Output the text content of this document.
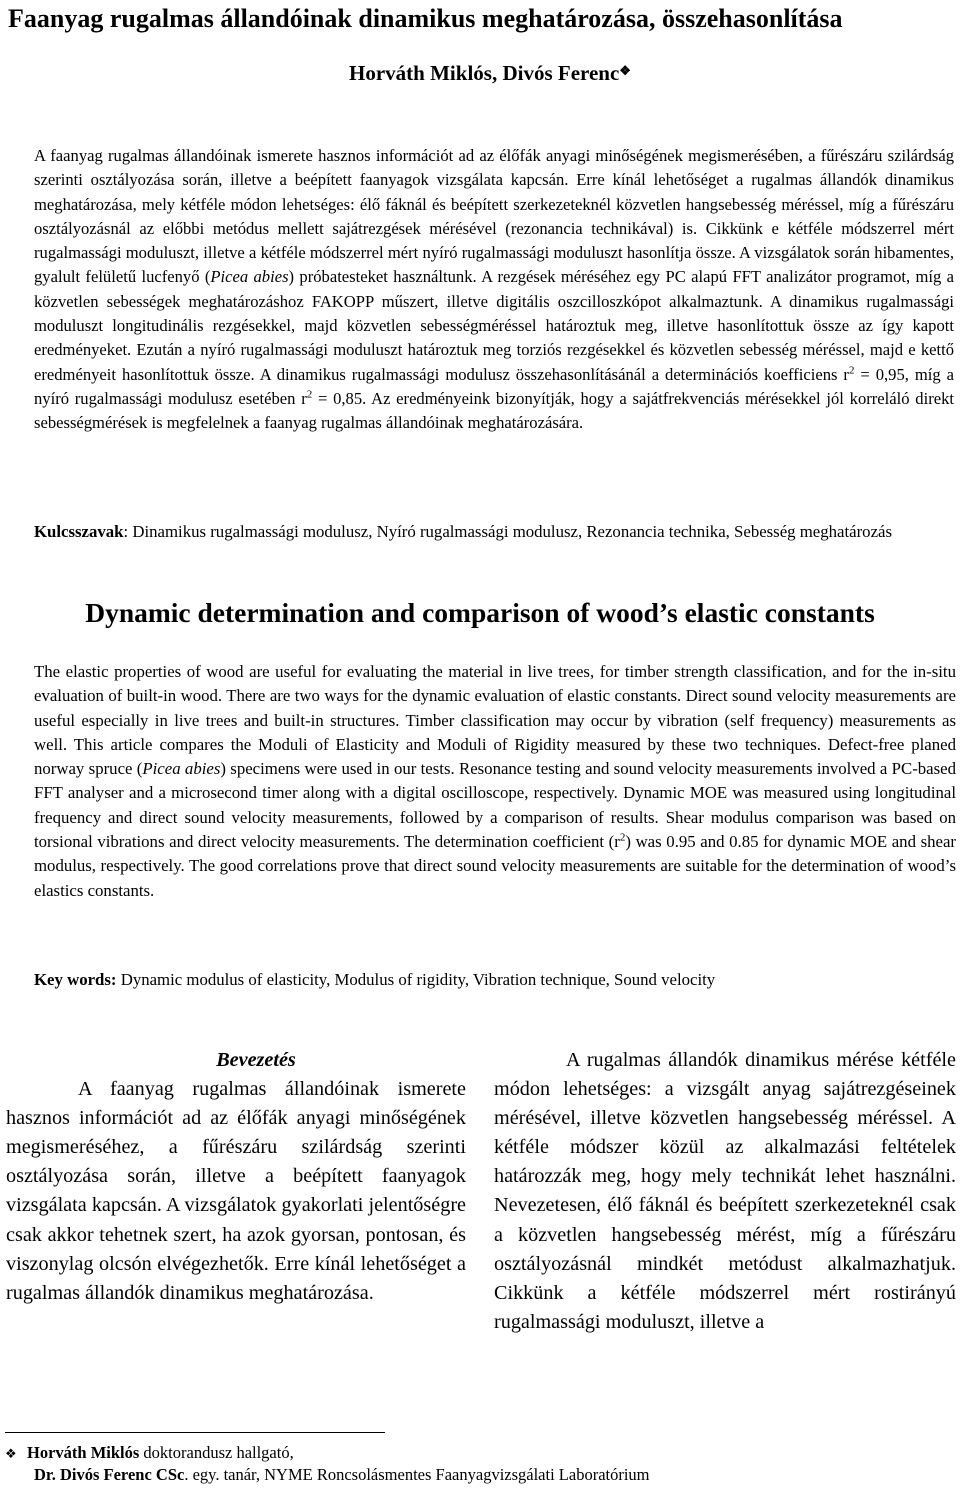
Faanyag rugalmas állandóinak dinamikus meghatározása, összehasonlítása
Horváth Miklós, Divós Ferenc❖
A faanyag rugalmas állandóinak ismerete hasznos információt ad az élőfák anyagi minőségének megismerésében, a fűrészáru szilárdság szerinti osztályozása során, illetve a beépített faanyagok vizsgálata kapcsán. Erre kínál lehetőséget a rugalmas állandók dinamikus meghatározása, mely kétféle módon lehetséges: élő fáknál és beépített szerkezeteknél közvetlen hangsebesség méréssel, míg a fűrészáru osztályozásnál az előbbi metódus mellett sajátrezgések mérésével (rezonancia technikával) is. Cikkünk e kétféle módszerrel mért rugalmassági moduluszt, illetve a kétféle módszerrel mért nyíró rugalmassági moduluszt hasonlítja össze. A vizsgálatok során hibamentes, gyalult felületű lucfenyő (Picea abies) próbatesteket használtunk. A rezgések méréséhez egy PC alapú FFT analizátor programot, míg a közvetlen sebességek meghatározáshoz FAKOPP műszert, illetve digitális oszcilloszkópot alkalmaztunk. A dinamikus rugalmassági moduluszt longitudinális rezgésekkel, majd közvetlen sebességméréssel határoztuk meg, illetve hasonlítottuk össze az így kapott eredményeket. Ezután a nyíró rugalmassági moduluszt határoztuk meg torziós rezgésekkel és közvetlen sebesség méréssel, majd e kettő eredményeit hasonlítottuk össze. A dinamikus rugalmassági modulusz összehasonlításánál a determinációs koefficiens $r^2 = 0,95$, míg a nyíró rugalmassági modulusz esetében $r^2 = 0,85$. Az eredményeink bizonyítják, hogy a sajátfrekvenciás mérésekkel jól korreláló direkt sebességmérések is megfelelnek a faanyag rugalmas állandóinak meghatározására.
Kulcsszavak: Dinamikus rugalmassági modulusz, Nyíró rugalmassági modulusz, Rezonancia technika, Sebesség meghatározás
Dynamic determination and comparison of wood’s elastic constants
The elastic properties of wood are useful for evaluating the material in live trees, for timber strength classification, and for the in-situ evaluation of built-in wood. There are two ways for the dynamic evaluation of elastic constants. Direct sound velocity measurements are useful especially in live trees and built-in structures. Timber classification may occur by vibration (self frequency) measurements as well. This article compares the Moduli of Elasticity and Moduli of Rigidity measured by these two techniques. Defect-free planed norway spruce (Picea abies) specimens were used in our tests. Resonance testing and sound velocity measurements involved a PC-based FFT analyser and a microsecond timer along with a digital oscilloscope, respectively. Dynamic MOE was measured using longitudinal frequency and direct sound velocity measurements, followed by a comparison of results. Shear modulus comparison was based on torsional vibrations and direct velocity measurements. The determination coefficient $(r^2)$ was 0.95 and 0.85 for dynamic MOE and shear modulus, respectively. The good correlations prove that direct sound velocity measurements are suitable for the determination of wood’s elastics constants.
Key words: Dynamic modulus of elasticity, Modulus of rigidity, Vibration technique, Sound velocity
Bevezetés

A faanyag rugalmas állandóinak ismerete hasznos információt ad az élőfák anyagi minőségének megismeréséhez, a fűrészáru szilárdság szerinti osztályozása során, illetve a beépített faanyagok vizsgálata kapcsán. A vizsgálatok gyakorlati jelentőségre csak akkor tehetnek szert, ha azok gyorsan, pontosan, és viszonylag olcsón elvégezhetők. Erre kínál lehetőséget a rugalmas állandók dinamikus meghatározása.

A rugalmas állandók dinamikus mérése kétféle módon lehetséges: a vizsgált anyag sajátrezgéseinek mérésével, illetve közvetlen hangsebesség méréssel. A kétféle módszer közül az alkalmazási feltételek határozzák meg, hogy mely technikát lehet használni. Nevezetesen, élő fáknál és beépített szerkezeteknél csak a közvetlen hangsebesség mérést, míg a fűrészáru osztályozásnál mindkét metódust alkalmazhatjuk. Cikkünk a kétféle módszerrel mért rostirányú rugalmassági moduluszt, illetve a

❖ Horváth Miklós doktorandusz hallgató,
Dr. Divós Ferenc CSc. egy. tanár, NYME Roncsolásmentes Faanyagvizsgálati Laboratórium
